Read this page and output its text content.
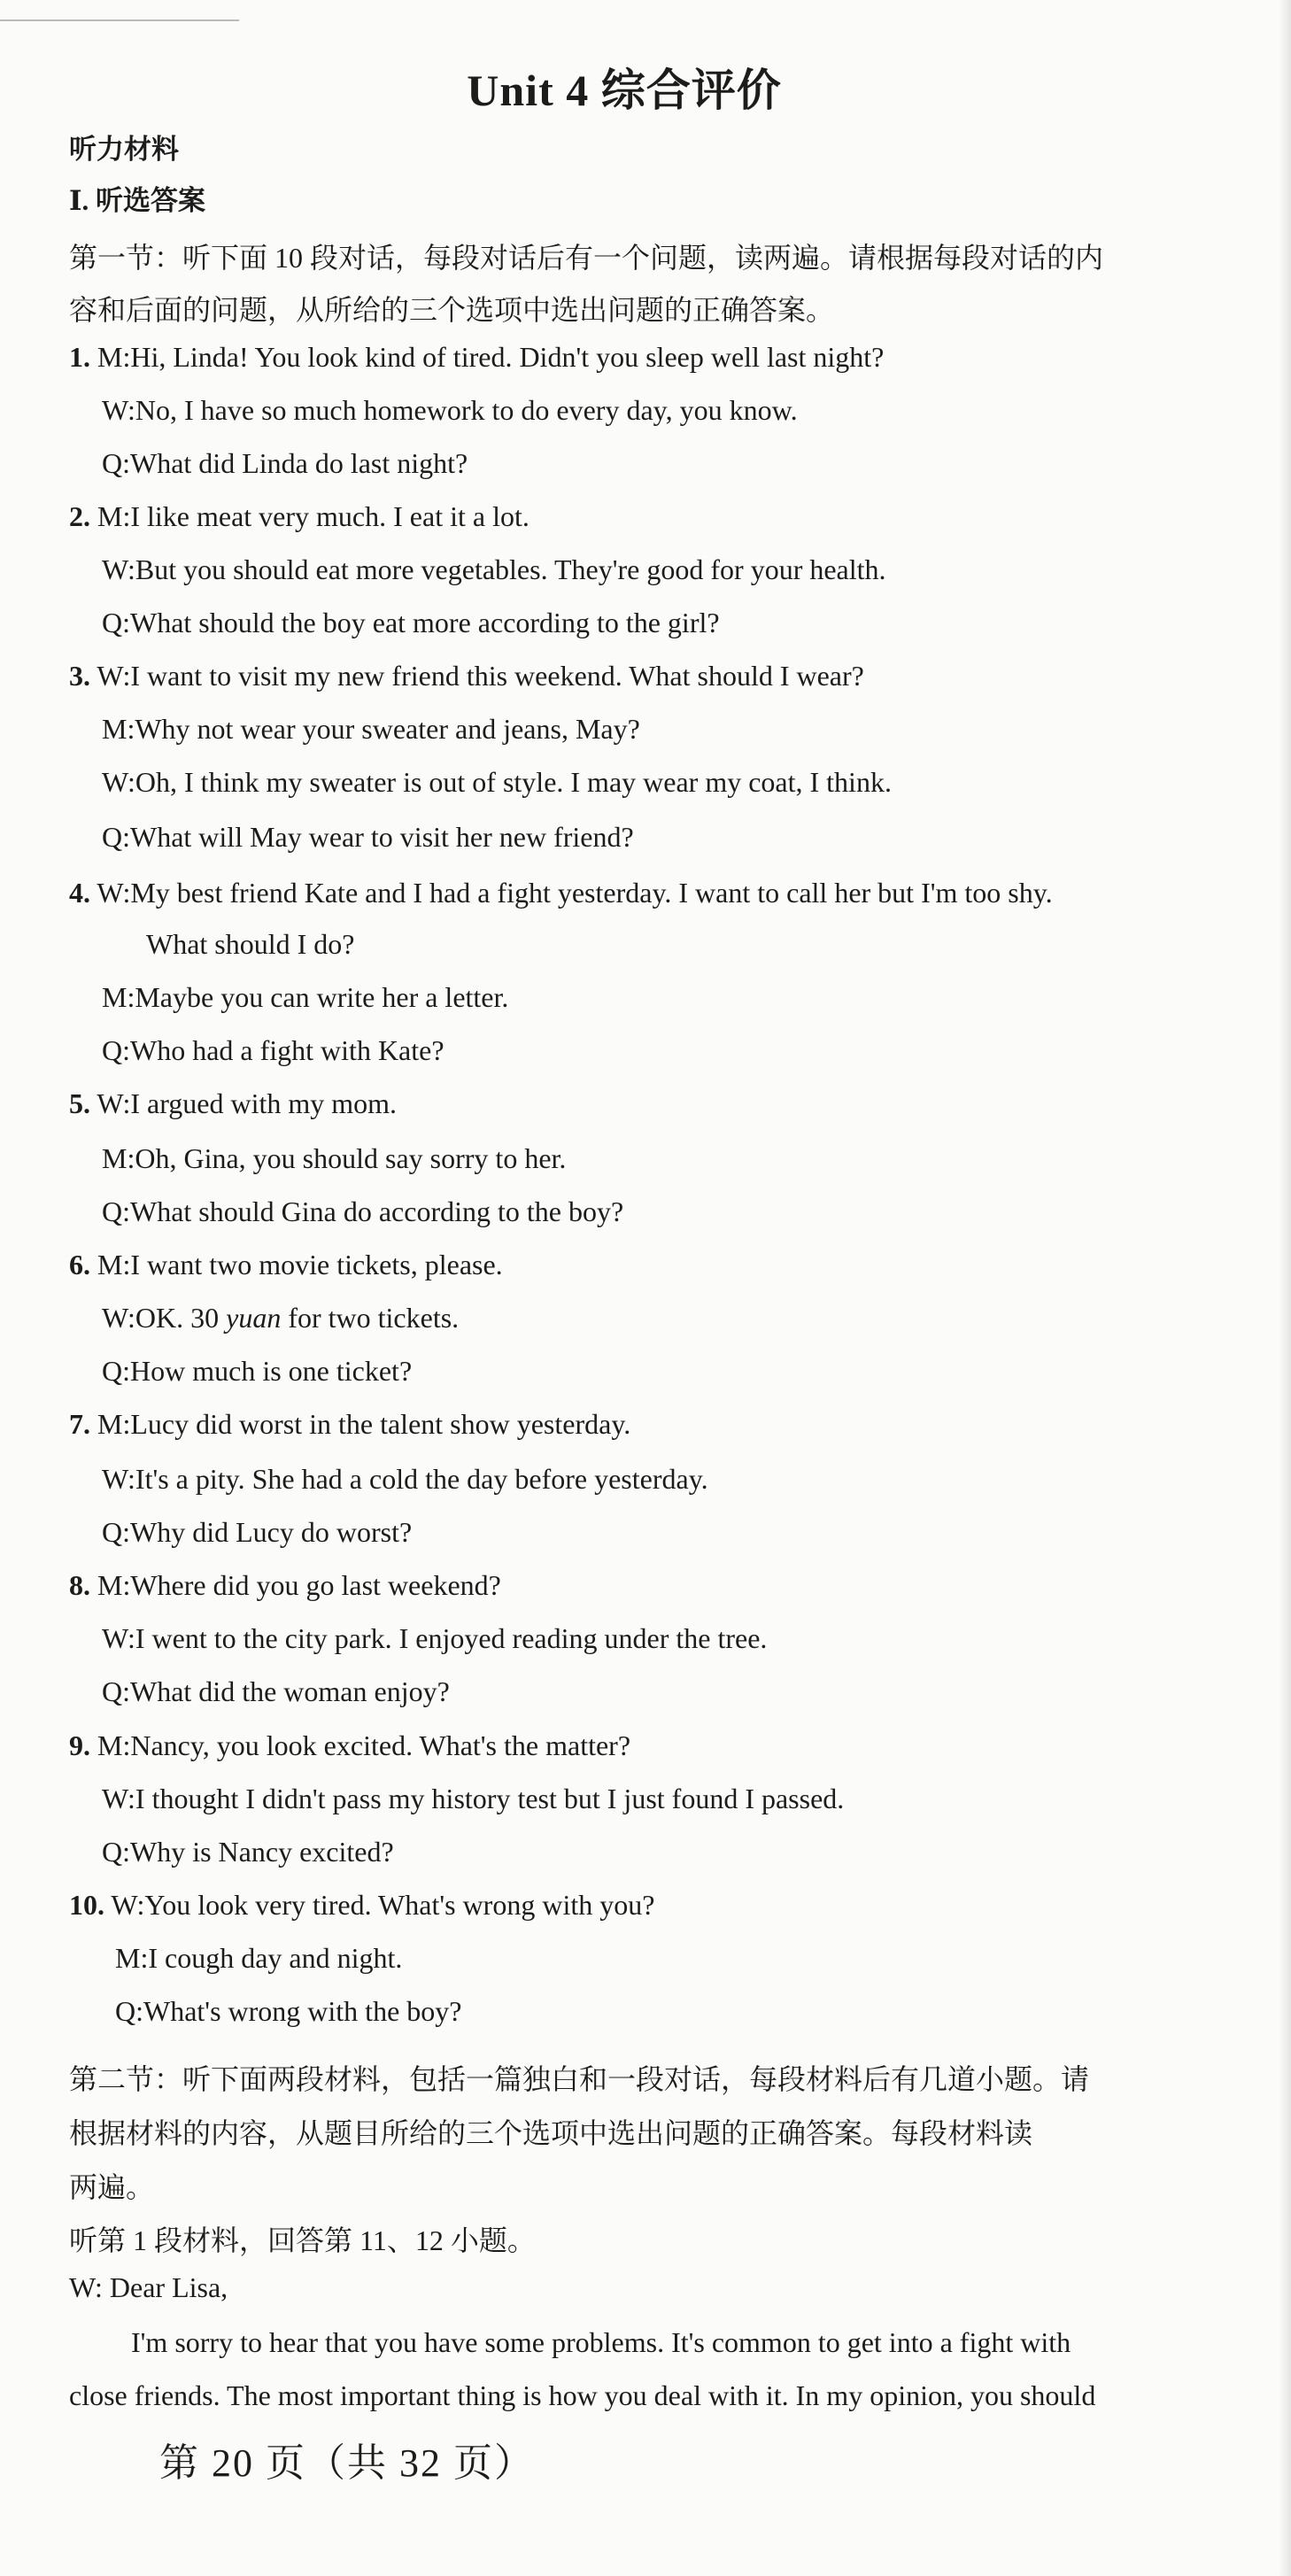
Unit 4 综合评价
听力材料
Ⅰ. 听选答案
第一节：听下面 10 段对话，每段对话后有一个问题，读两遍。请根据每段对话的内
容和后面的问题，从所给的三个选项中选出问题的正确答案。
1. M:Hi, Linda! You look kind of tired. Didn't you sleep well last night?
W:No, I have so much homework to do every day, you know.
Q:What did Linda do last night?
2. M:I like meat very much. I eat it a lot.
W:But you should eat more vegetables. They're good for your health.
Q:What should the boy eat more according to the girl?
3. W:I want to visit my new friend this weekend. What should I wear?
M:Why not wear your sweater and jeans, May?
W:Oh, I think my sweater is out of style. I may wear my coat, I think.
Q:What will May wear to visit her new friend?
4. W:My best friend Kate and I had a fight yesterday. I want to call her but I'm too shy.
What should I do?
M:Maybe you can write her a letter.
Q:Who had a fight with Kate?
5. W:I argued with my mom.
M:Oh, Gina, you should say sorry to her.
Q:What should Gina do according to the boy?
6. M:I want two movie tickets, please.
W:OK. 30 yuan for two tickets.
Q:How much is one ticket?
7. M:Lucy did worst in the talent show yesterday.
W:It's a pity. She had a cold the day before yesterday.
Q:Why did Lucy do worst?
8. M:Where did you go last weekend?
W:I went to the city park. I enjoyed reading under the tree.
Q:What did the woman enjoy?
9. M:Nancy, you look excited. What's the matter?
W:I thought I didn't pass my history test but I just found I passed.
Q:Why is Nancy excited?
10. W:You look very tired. What's wrong with you?
M:I cough day and night.
Q:What's wrong with the boy?
第二节：听下面两段材料，包括一篇独白和一段对话，每段材料后有几道小题。请
根据材料的内容，从题目所给的三个选项中选出问题的正确答案。每段材料读
两遍。
听第 1 段材料，回答第 11、12 小题。
W: Dear Lisa,
I'm sorry to hear that you have some problems. It's common to get into a fight with
close friends. The most important thing is how you deal with it. In my opinion, you should
第 20 页（共 32 页）
